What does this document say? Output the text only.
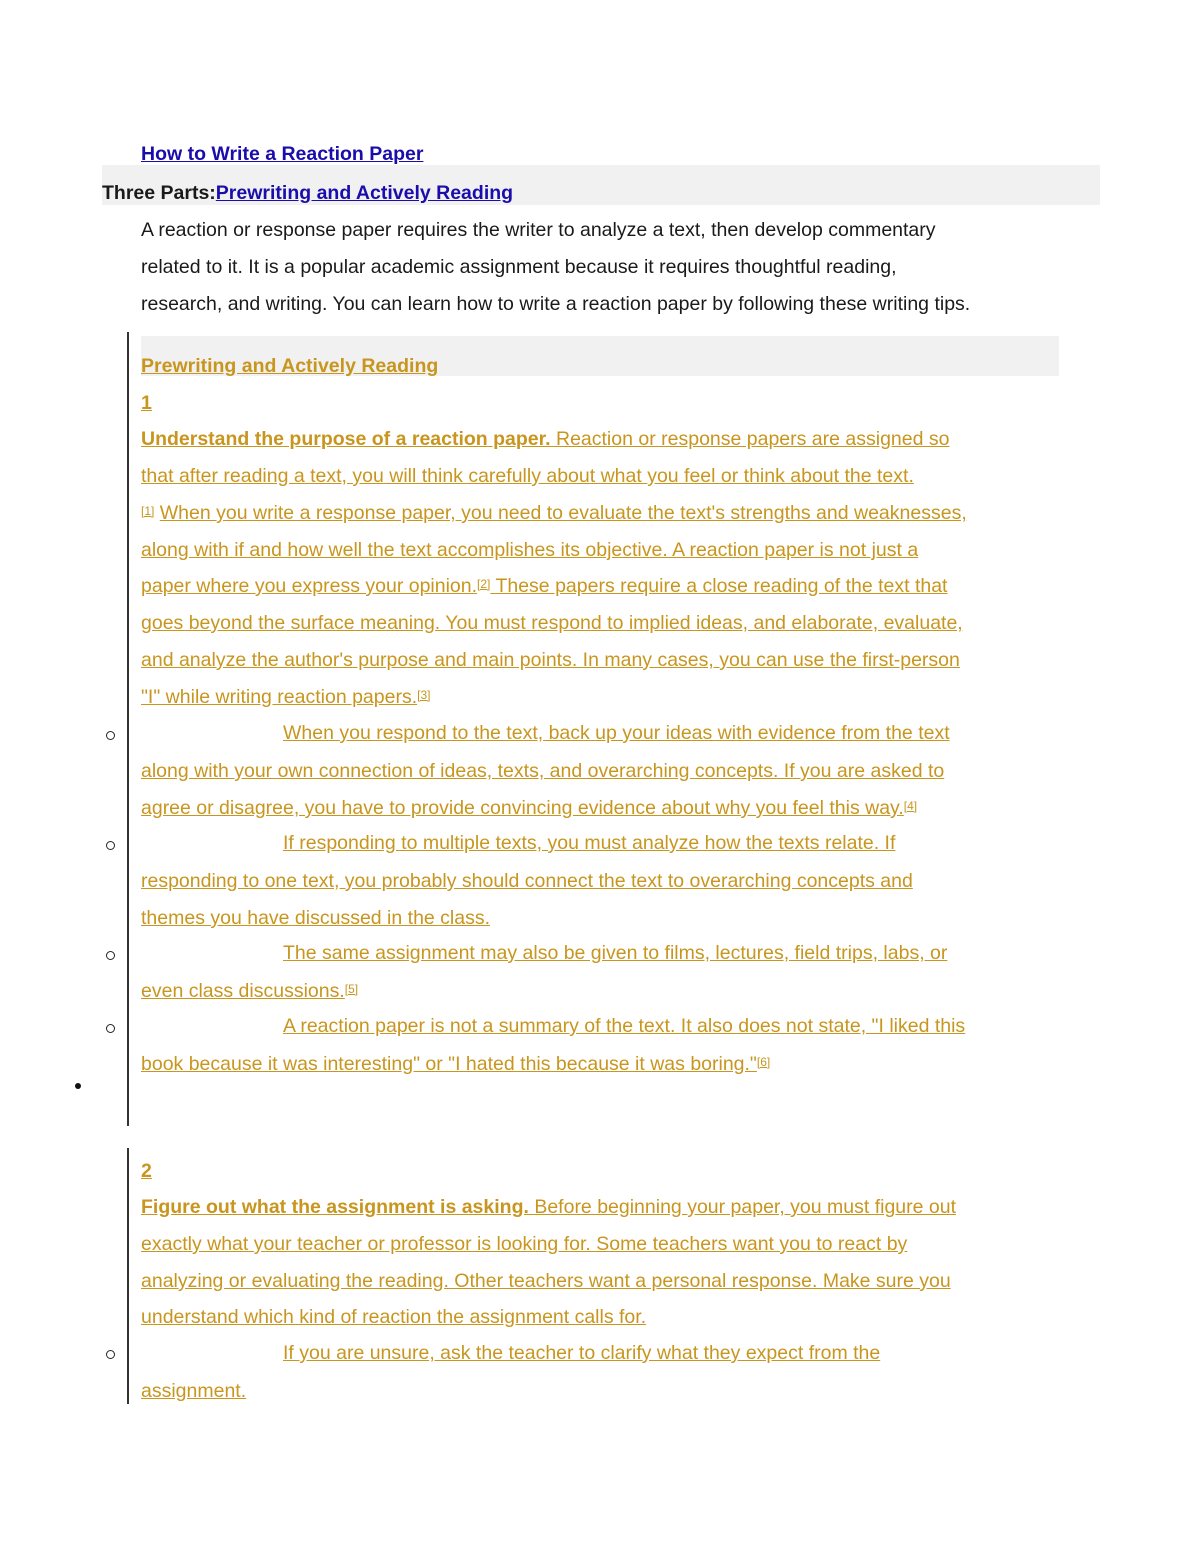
How to Write a Reaction Paper
Three Parts:Prewriting and Actively Reading
A reaction or response paper requires the writer to analyze a text, then develop commentary
related to it. It is a popular academic assignment because it requires thoughtful reading,
research, and writing. You can learn how to write a reaction paper by following these writing tips.
Prewriting and Actively Reading
1
Understand the purpose of a reaction paper. Reaction or response papers are assigned so
that after reading a text, you will think carefully about what you feel or think about the text.
[1] When you write a response paper, you need to evaluate the text's strengths and weaknesses,
along with if and how well the text accomplishes its objective. A reaction paper is not just a
paper where you express your opinion.[2] These papers require a close reading of the text that
goes beyond the surface meaning. You must respond to implied ideas, and elaborate, evaluate,
and analyze the author's purpose and main points. In many cases, you can use the first-person
"I" while writing reaction papers.[3]
When you respond to the text, back up your ideas with evidence from the text
along with your own connection of ideas, texts, and overarching concepts. If you are asked to
agree or disagree, you have to provide convincing evidence about why you feel this way.[4]
If responding to multiple texts, you must analyze how the texts relate. If
responding to one text, you probably should connect the text to overarching concepts and
themes you have discussed in the class.
The same assignment may also be given to films, lectures, field trips, labs, or
even class discussions.[5]
A reaction paper is not a summary of the text. It also does not state, "I liked this
book because it was interesting" or "I hated this because it was boring."[6]
2
Figure out what the assignment is asking. Before beginning your paper, you must figure out
exactly what your teacher or professor is looking for. Some teachers want you to react by
analyzing or evaluating the reading. Other teachers want a personal response. Make sure you
understand which kind of reaction the assignment calls for.
If you are unsure, ask the teacher to clarify what they expect from the
assignment.
